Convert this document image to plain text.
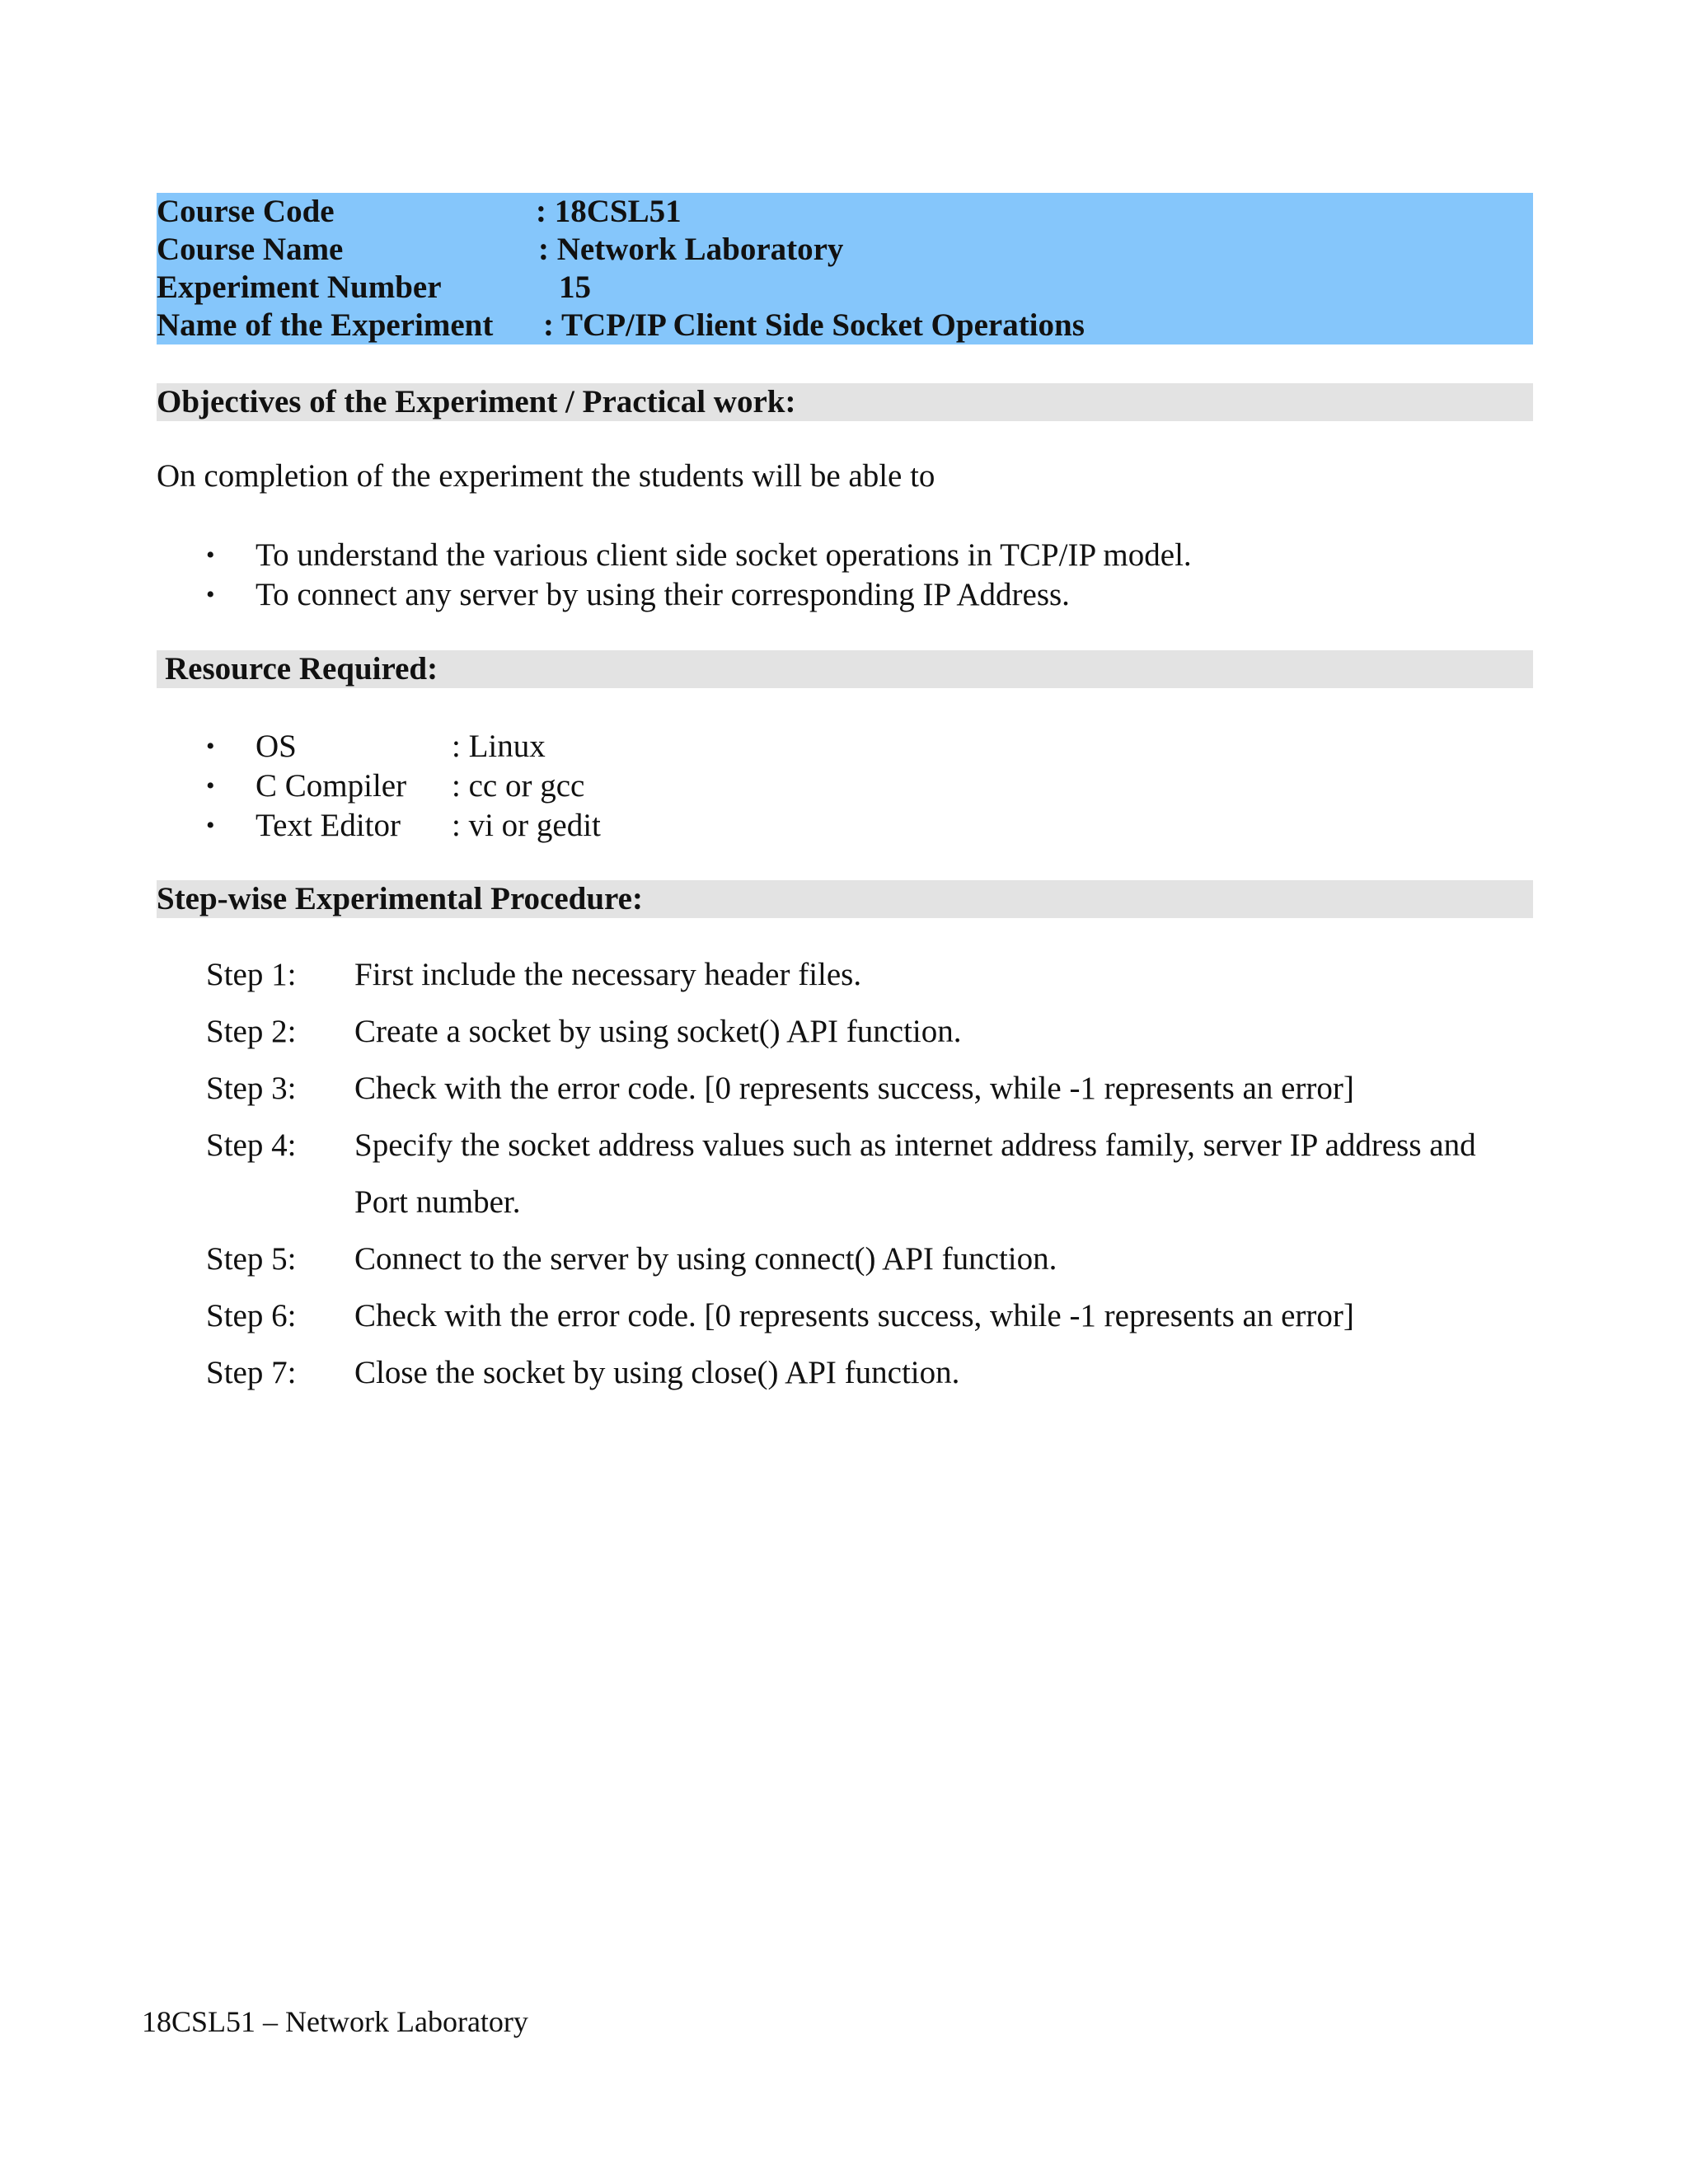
Course Code	: 18CSL51
Course Name	: Network Laboratory
Experiment Number	15
Name of the Experiment : TCP/IP Client Side Socket Operations
Objectives of the Experiment / Practical work:
On completion of the experiment the students will be able to
• To understand the various client side socket operations in TCP/IP model.
• To connect any server by using their corresponding IP Address.
Resource Required:
• OS	: Linux
• C Compiler : cc or gcc
• Text Editor : vi or gedit
Step-wise Experimental Procedure:
Step 1: First include the necessary header files.
Step 2: Create a socket by using socket() API function.
Step 3: Check with the error code. [0 represents success, while -1 represents an error]
Step 4: Specify the socket address values such as internet address family, server IP address and Port number.
Step 5: Connect to the server by using connect() API function.
Step 6: Check with the error code. [0 represents success, while -1 represents an error]
Step 7: Close the socket by using close() API function.
18CSL51 – Network Laboratory
